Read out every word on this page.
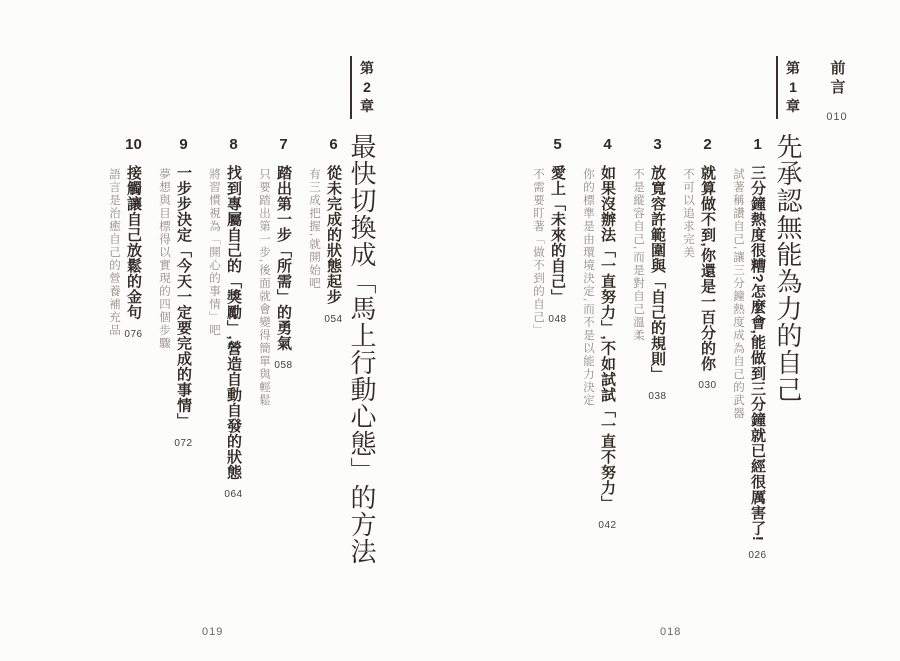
前言
010
第
1
章
先承認無能為力的自己
試著稱讚自己,讓三分鐘熱度成為自己的武器
1
三分鐘熱度很糟?怎麼會,能做到三分鐘就已經很厲害了!
026
不可以追求完美
2
就算做不到,你還是一百分的你
030
不是縱容自己,而是對自己溫柔
3
放寬容許範圍與「自己的規則」
038
你的標準是由環境決定,而不是以能力決定
4
如果沒辦法「一直努力」,不如試試「一直不努力」
042
不需要盯著「做不到的自己」
5
愛上「未來的自己」
048
018
第
2
章
最快切換成「馬上行動心態」的方法
有三成把握,就開始吧
6
從未完成的狀態起步
054
只要踏出第一步,後面就會變得簡單與輕鬆
7
踏出第一步「所需」的勇氣
058
將習慣視為「開心的事情」吧
8
找到專屬自己的「獎勵」,營造自動自發的狀態
064
夢想與目標得以實現的四個步驟
9
一步步決定「今天一定要完成的事情」
072
語言是治癒自己的營養補充品
10
接觸讓自己放鬆的金句
076
019
